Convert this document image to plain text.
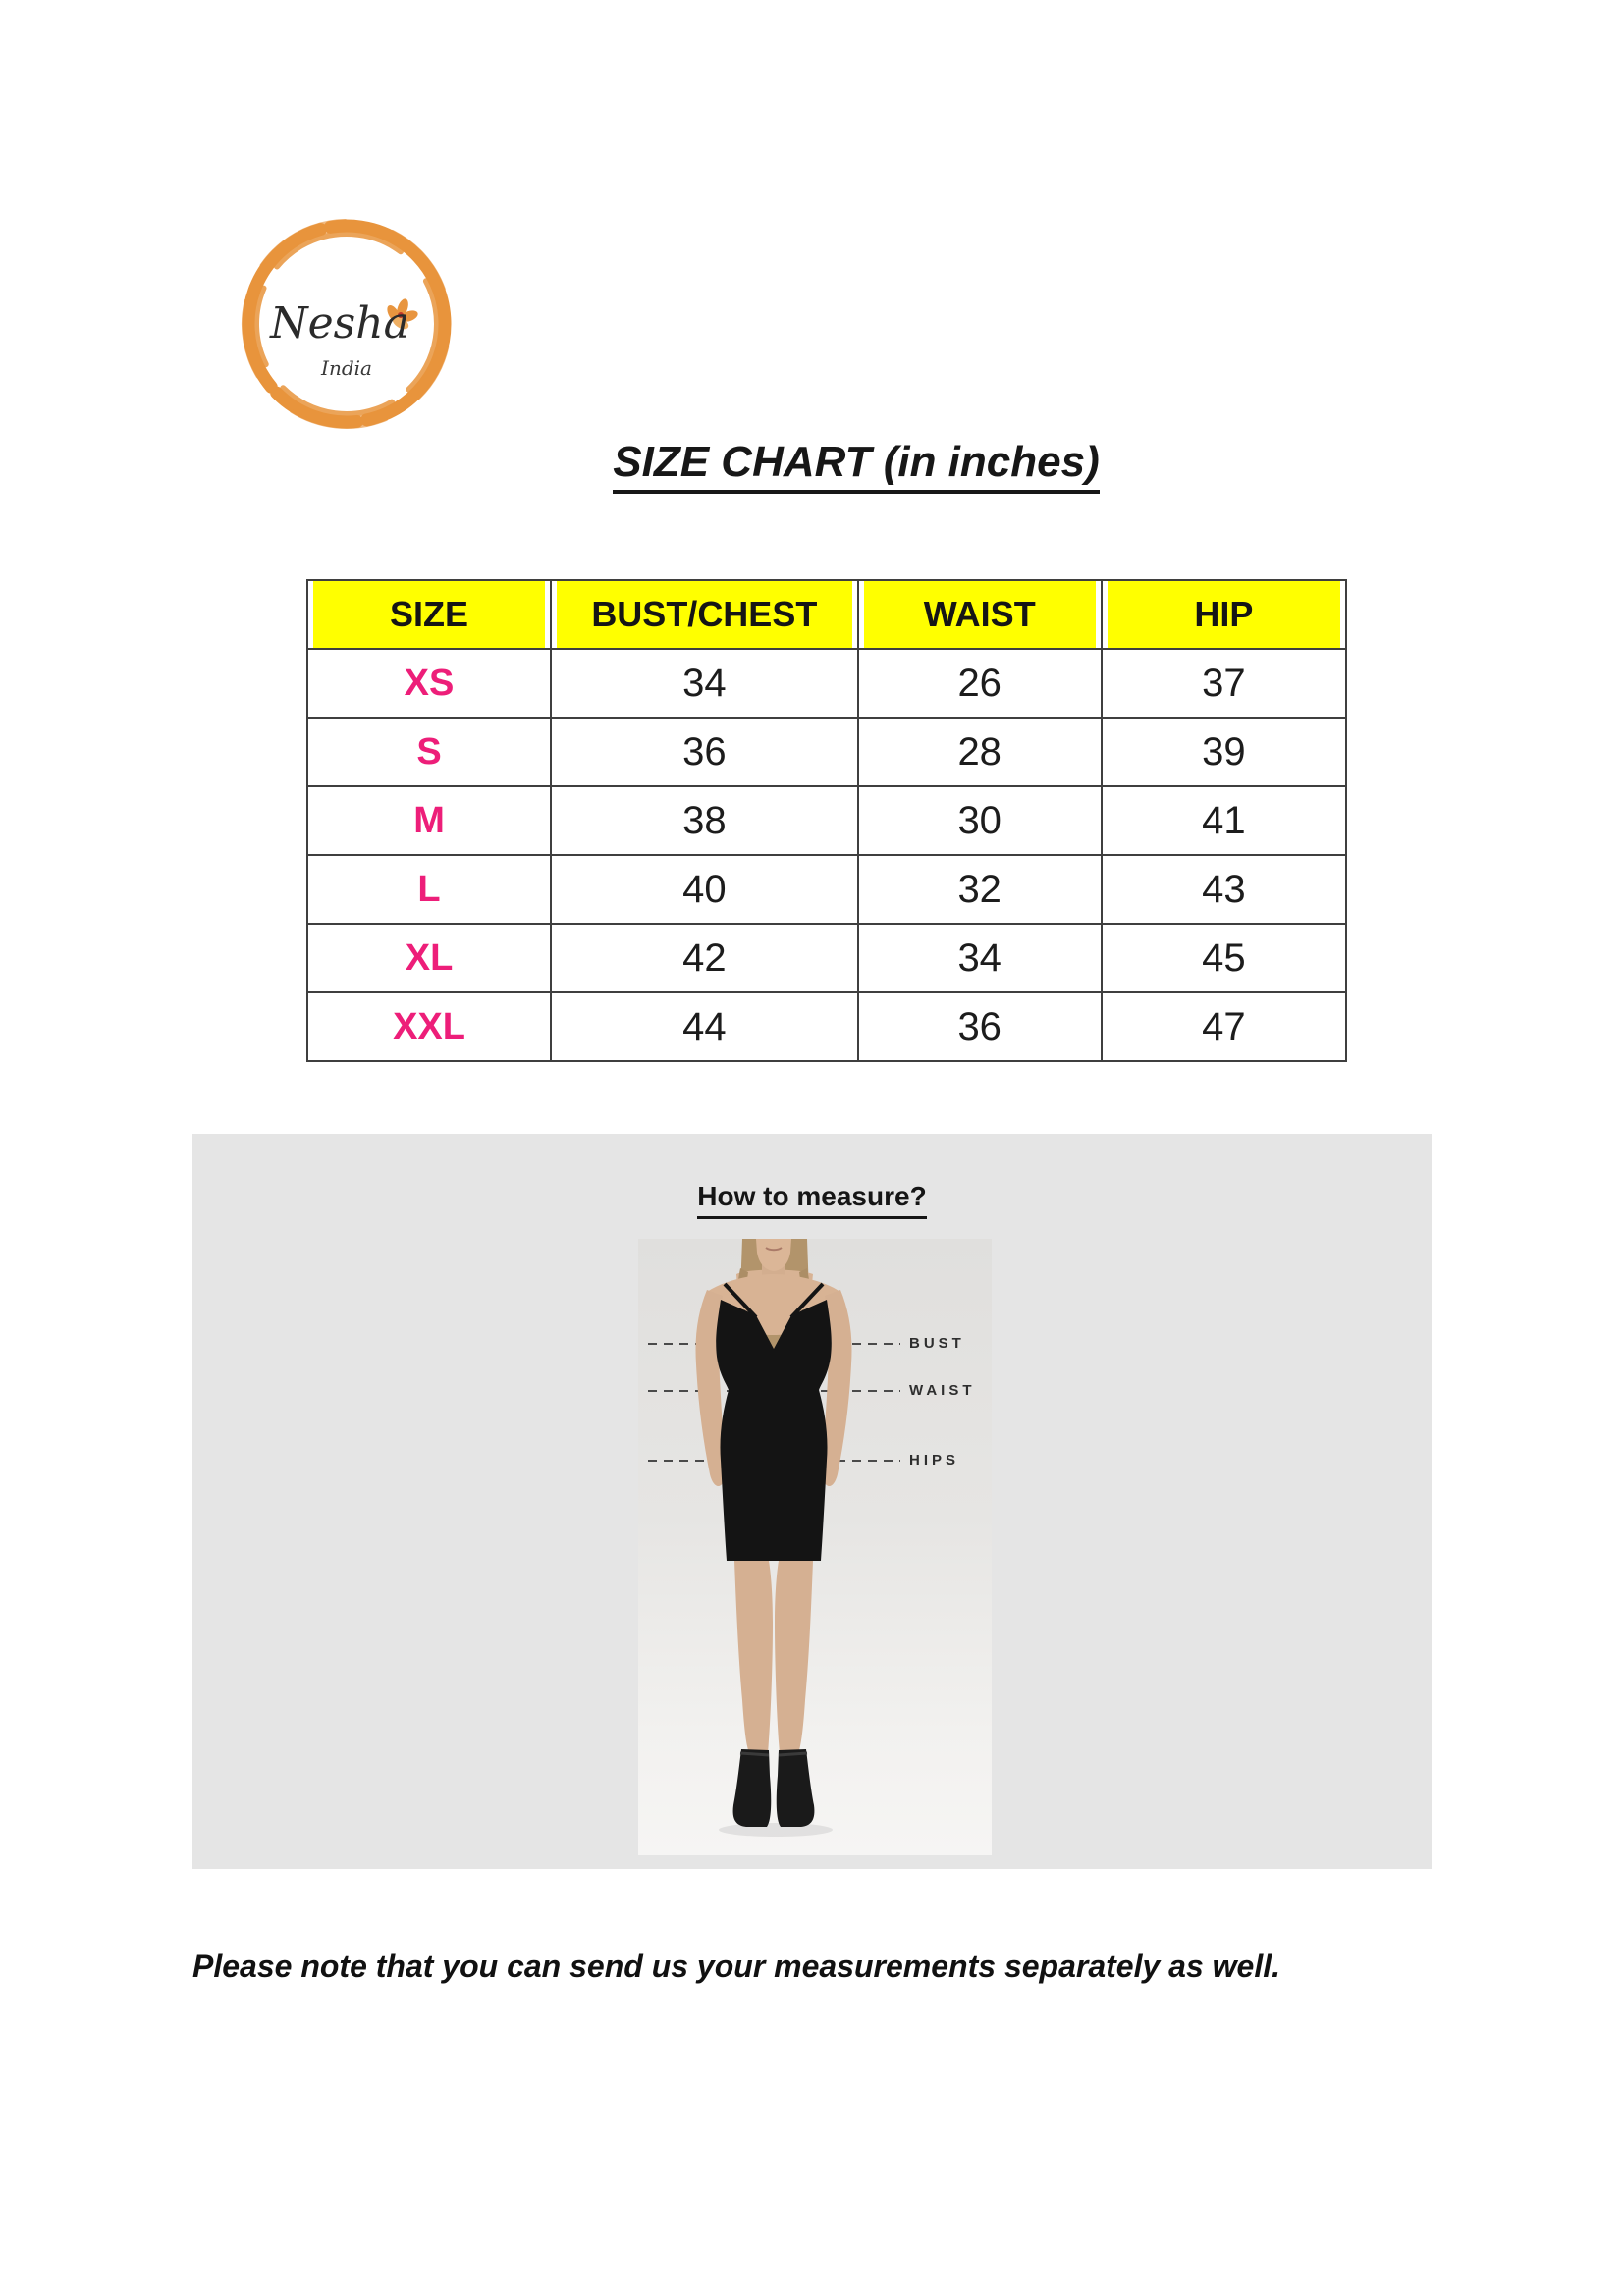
Nesha
India
SIZE CHART (in inches)
SIZE	BUST/CHEST	WAIST	HIP
XS	34	26	37
S	36	28	39
M	38	30	41
L	40	32	43
XL	42	34	45
XXL	44	36	47
How to measure?
BUST
WAIST
HIPS
Please note that you can send us your measurements separately as well.
